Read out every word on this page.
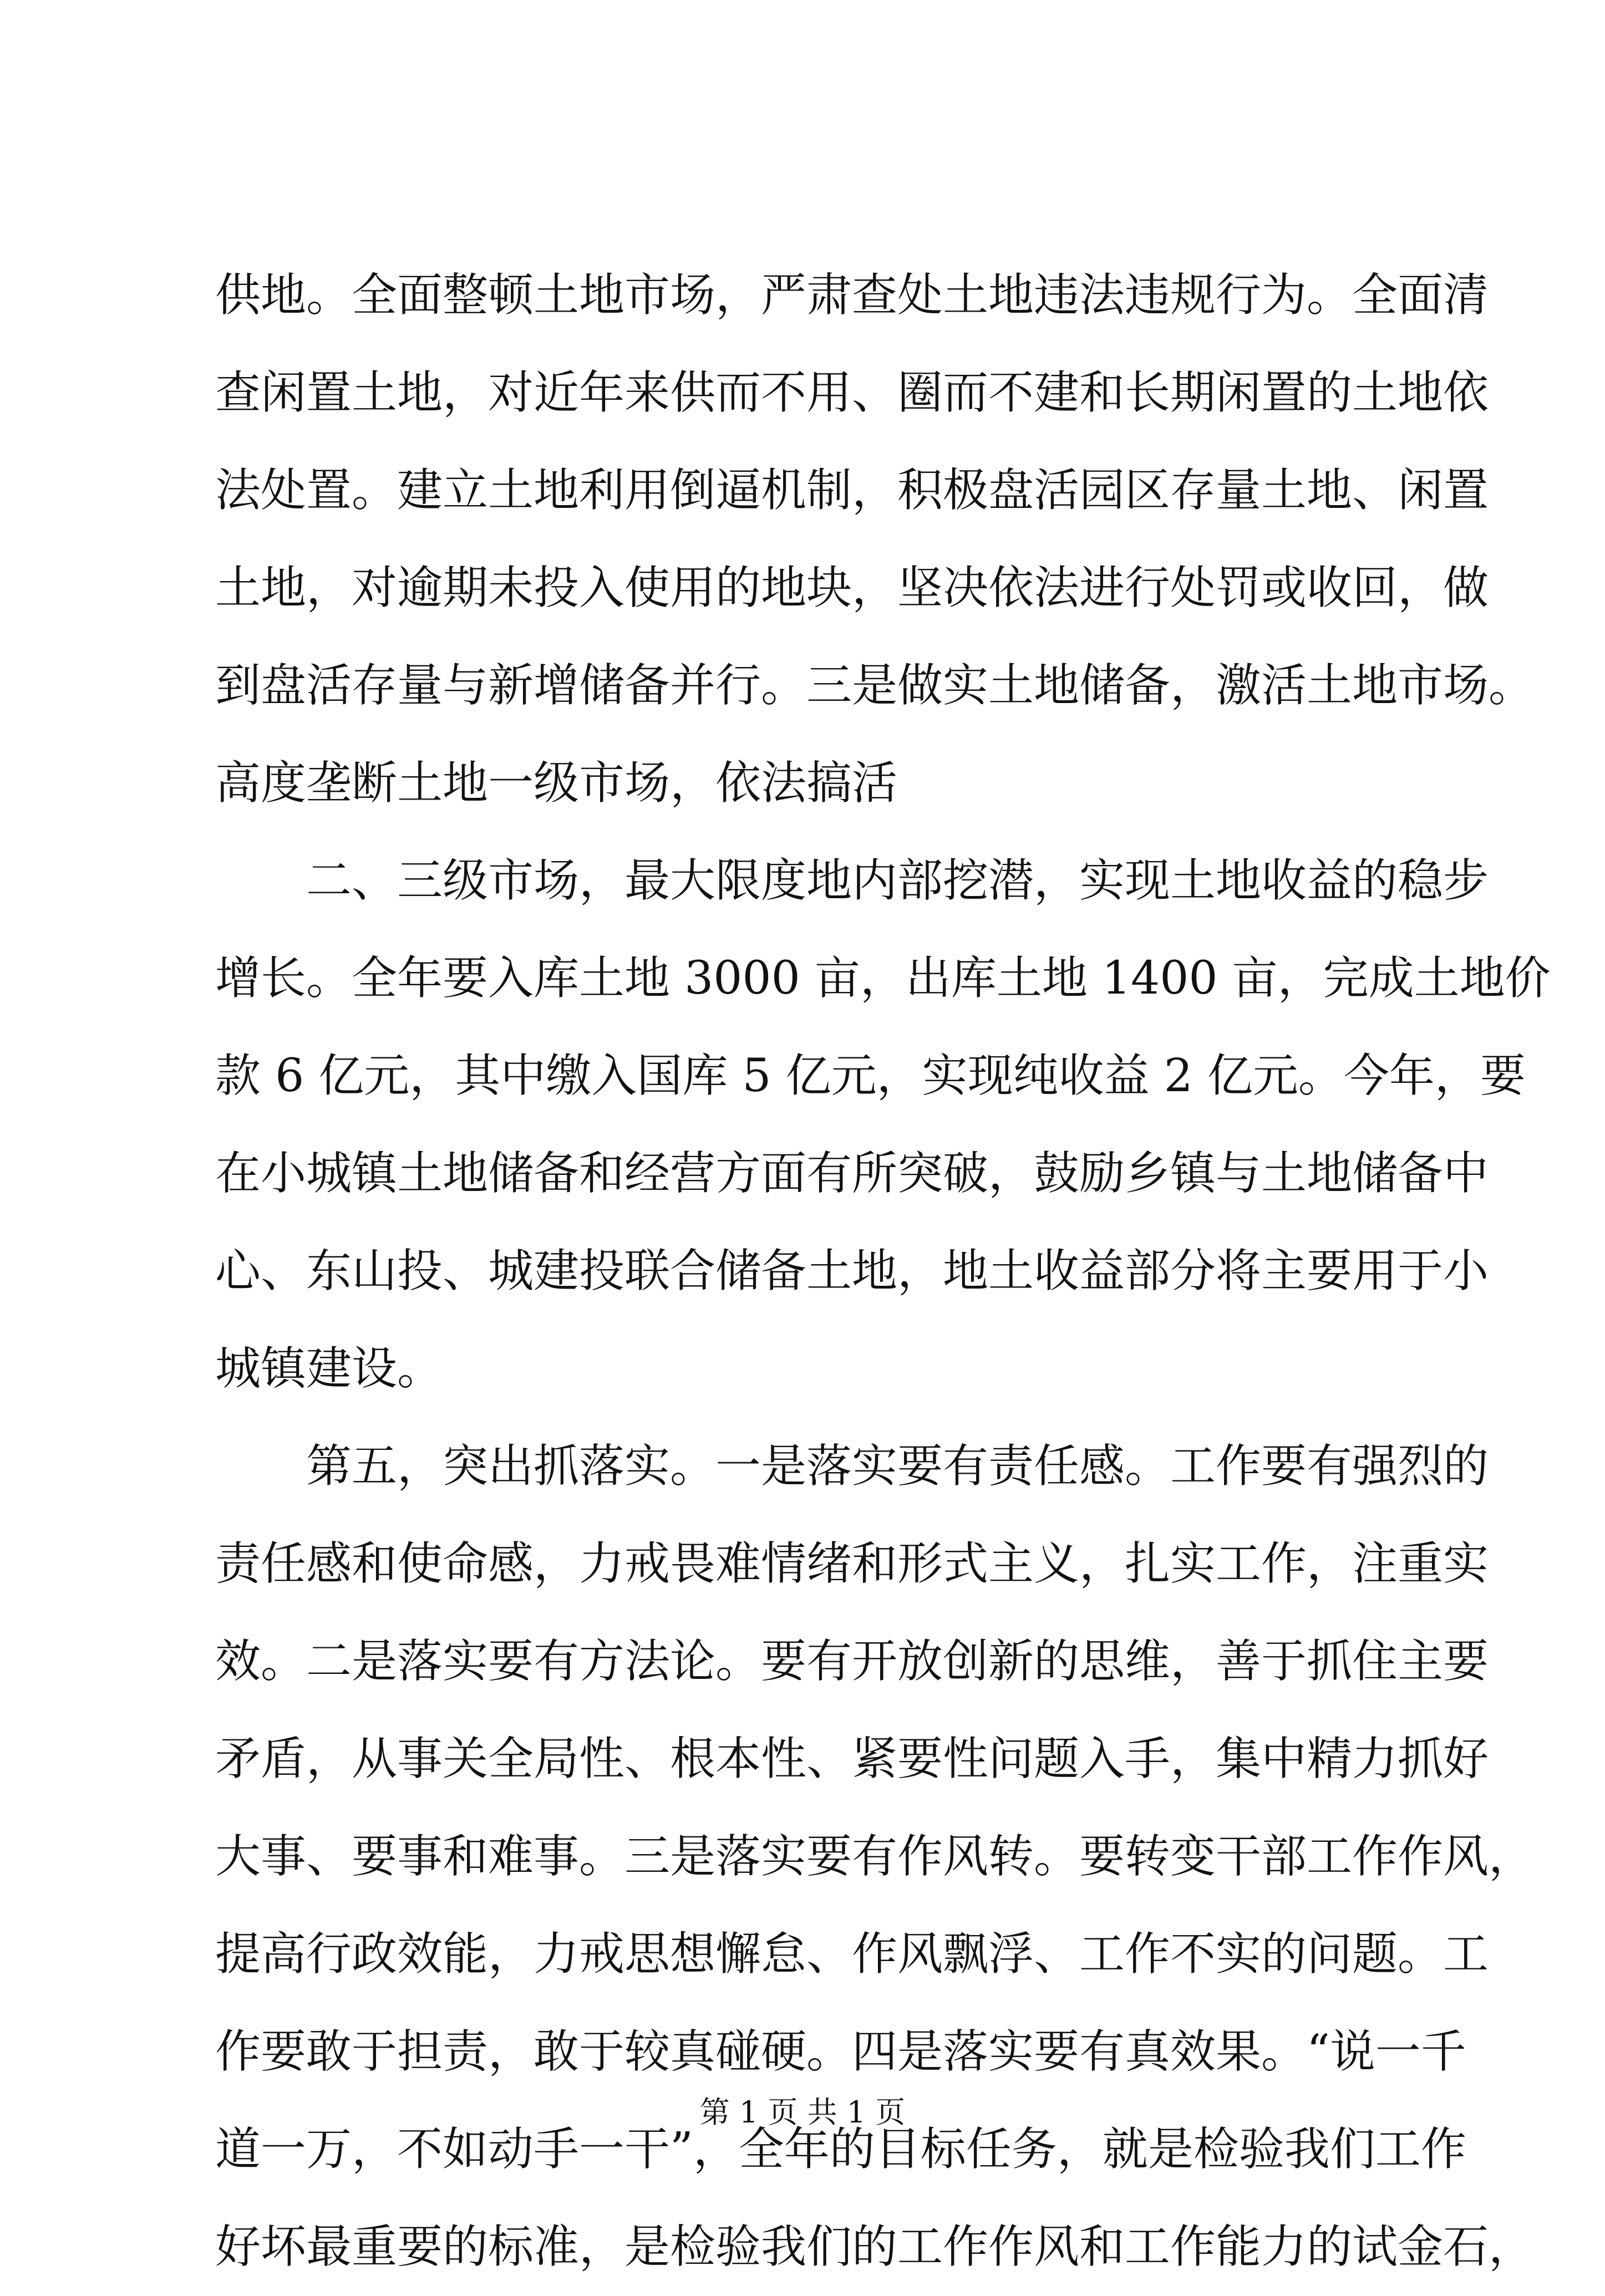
供地。全面整顿土地市场，严肃查处土地违法违规行为。全面清
查闲置土地，对近年来供而不用、圈而不建和长期闲置的土地依
法处置。建立土地利用倒逼机制，积极盘活园区存量土地、闲置
土地，对逾期未投入使用的地块，坚决依法进行处罚或收回，做
到盘活存量与新增储备并行。三是做实土地储备，激活土地市场。
高度垄断土地一级市场，依法搞活
二、三级市场，最大限度地内部挖潜，实现土地收益的稳步
增长。全年要入库土地 3000 亩，出库土地 1400 亩，完成土地价
款 6 亿元，其中缴入国库 5 亿元，实现纯收益 2 亿元。今年，要
在小城镇土地储备和经营方面有所突破，鼓励乡镇与土地储备中
心、东山投、城建投联合储备土地，地土收益部分将主要用于小
城镇建设。
第五，突出抓落实。一是落实要有责任感。工作要有强烈的
责任感和使命感，力戒畏难情绪和形式主义，扎实工作，注重实
效。二是落实要有方法论。要有开放创新的思维，善于抓住主要
矛盾，从事关全局性、根本性、紧要性问题入手，集中精力抓好
大事、要事和难事。三是落实要有作风转。要转变干部工作作风，
提高行政效能，力戒思想懈怠、作风飘浮、工作不实的问题。工
作要敢于担责，敢于较真碰硬。四是落实要有真效果。“说一千
道一万，不如动手一干”，全年的目标任务，就是检验我们工作
好坏最重要的标准，是检验我们的工作作风和工作能力的试金石，
第 1 页 共 1 页
